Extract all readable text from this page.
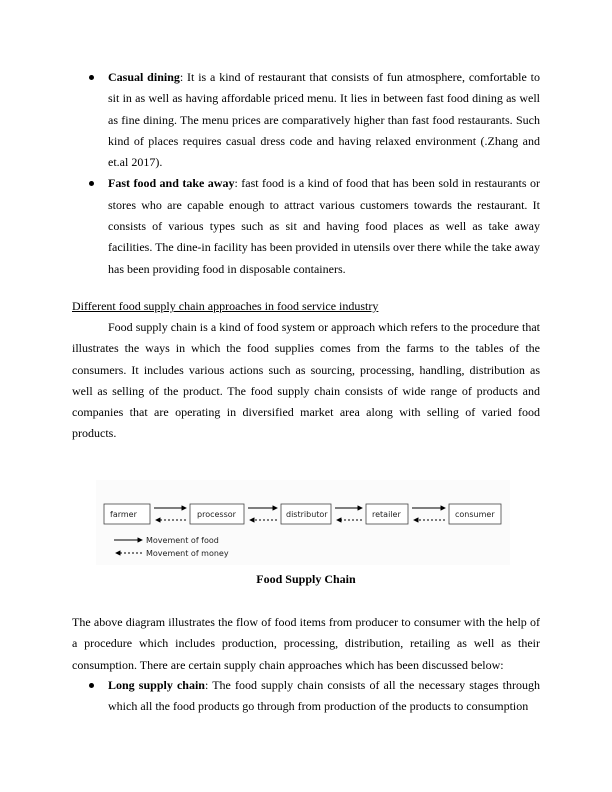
Casual dining: It is a kind of restaurant that consists of fun atmosphere, comfortable to sit in as well as having affordable priced menu. It lies in between fast food dining as well as fine dining. The menu prices are comparatively higher than fast food restaurants. Such kind of places requires casual dress code and having relaxed environment (.Zhang and et.al 2017).
Fast food and take away: fast food is a kind of food that has been sold in restaurants or stores who are capable enough to attract various customers towards the restaurant. It consists of various types such as sit and having food places as well as take away facilities. The dine-in facility has been provided in utensils over there while the take away has been providing food in disposable containers.
Different food supply chain approaches in food service industry

Food supply chain is a kind of food system or approach which refers to the procedure that illustrates the ways in which the food supplies comes from the farms to the tables of the consumers. It includes various actions such as sourcing, processing, handling, distribution as well as selling of the product. The food supply chain consists of wide range of products and companies that are operating in diversified market area along with selling of varied food products.

farmer	processor	distributor	retailer	consumer
Movement of food
Movement of money
Food Supply Chain

The above diagram illustrates the flow of food items from producer to consumer with the help of a procedure which includes production, processing, distribution, retailing as well as their consumption. There are certain supply chain approaches which has been discussed below:

Long supply chain: The food supply chain consists of all the necessary stages through which all the food products go through from production of the products to consumption
